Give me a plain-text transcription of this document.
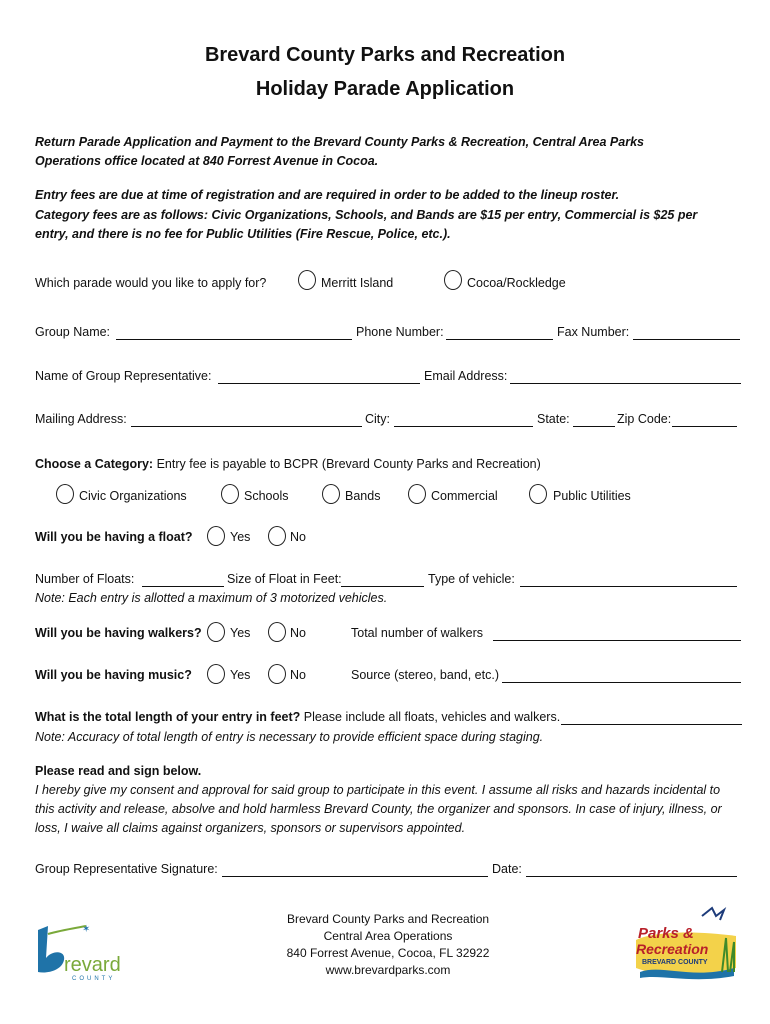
Brevard County Parks and Recreation
Holiday Parade Application
Return Parade Application and Payment to the Brevard County Parks & Recreation, Central Area Parks
Operations office located at 840 Forrest Avenue in Cocoa.
Entry fees are due at time of registration and are required in order to be added to the lineup roster.
Category fees are as follows: Civic Organizations, Schools, and Bands are $15 per entry, Commercial is $25 per
entry, and there is no fee for Public Utilities (Fire Rescue, Police, etc.).
Which parade would you like to apply for?	Merritt Island	Cocoa/Rockledge
Group Name:	Phone Number:	Fax Number:
Name of Group Representative:	Email Address:
Mailing Address:	City:	State:	Zip Code:
Choose a Category: Entry fee is payable to BCPR (Brevard County Parks and Recreation)
Civic Organizations	Schools	Bands	Commercial	Public Utilities
Will you be having a float?	Yes	No
Number of Floats:	Size of Float in Feet:	Type of vehicle:
Note: Each entry is allotted a maximum of 3 motorized vehicles.
Will you be having walkers? Yes	No	Total number of walkers
Will you be having music?	Yes	No	Source (stereo, band, etc.)
What is the total length of your entry in feet? Please include all floats, vehicles and walkers.
Note: Accuracy of total length of entry is necessary to provide efficient space during staging.
Please read and sign below.
I hereby give my consent and approval for said group to participate in this event. I assume all risks and hazards incidental to
this activity and release, absolve and hold harmless Brevard County, the organizer and sponsors. In case of injury, illness, or
loss, I waive all claims against organizers, sponsors or supervisors appointed.
Group Representative Signature:	Date:
Brevard County Parks and Recreation
Central Area Operations
840 Forrest Avenue, Cocoa, FL 32922
www.brevardparks.com
✶
revard
COUNTY
Parks &
Recreation
BREVARD COUNTY
